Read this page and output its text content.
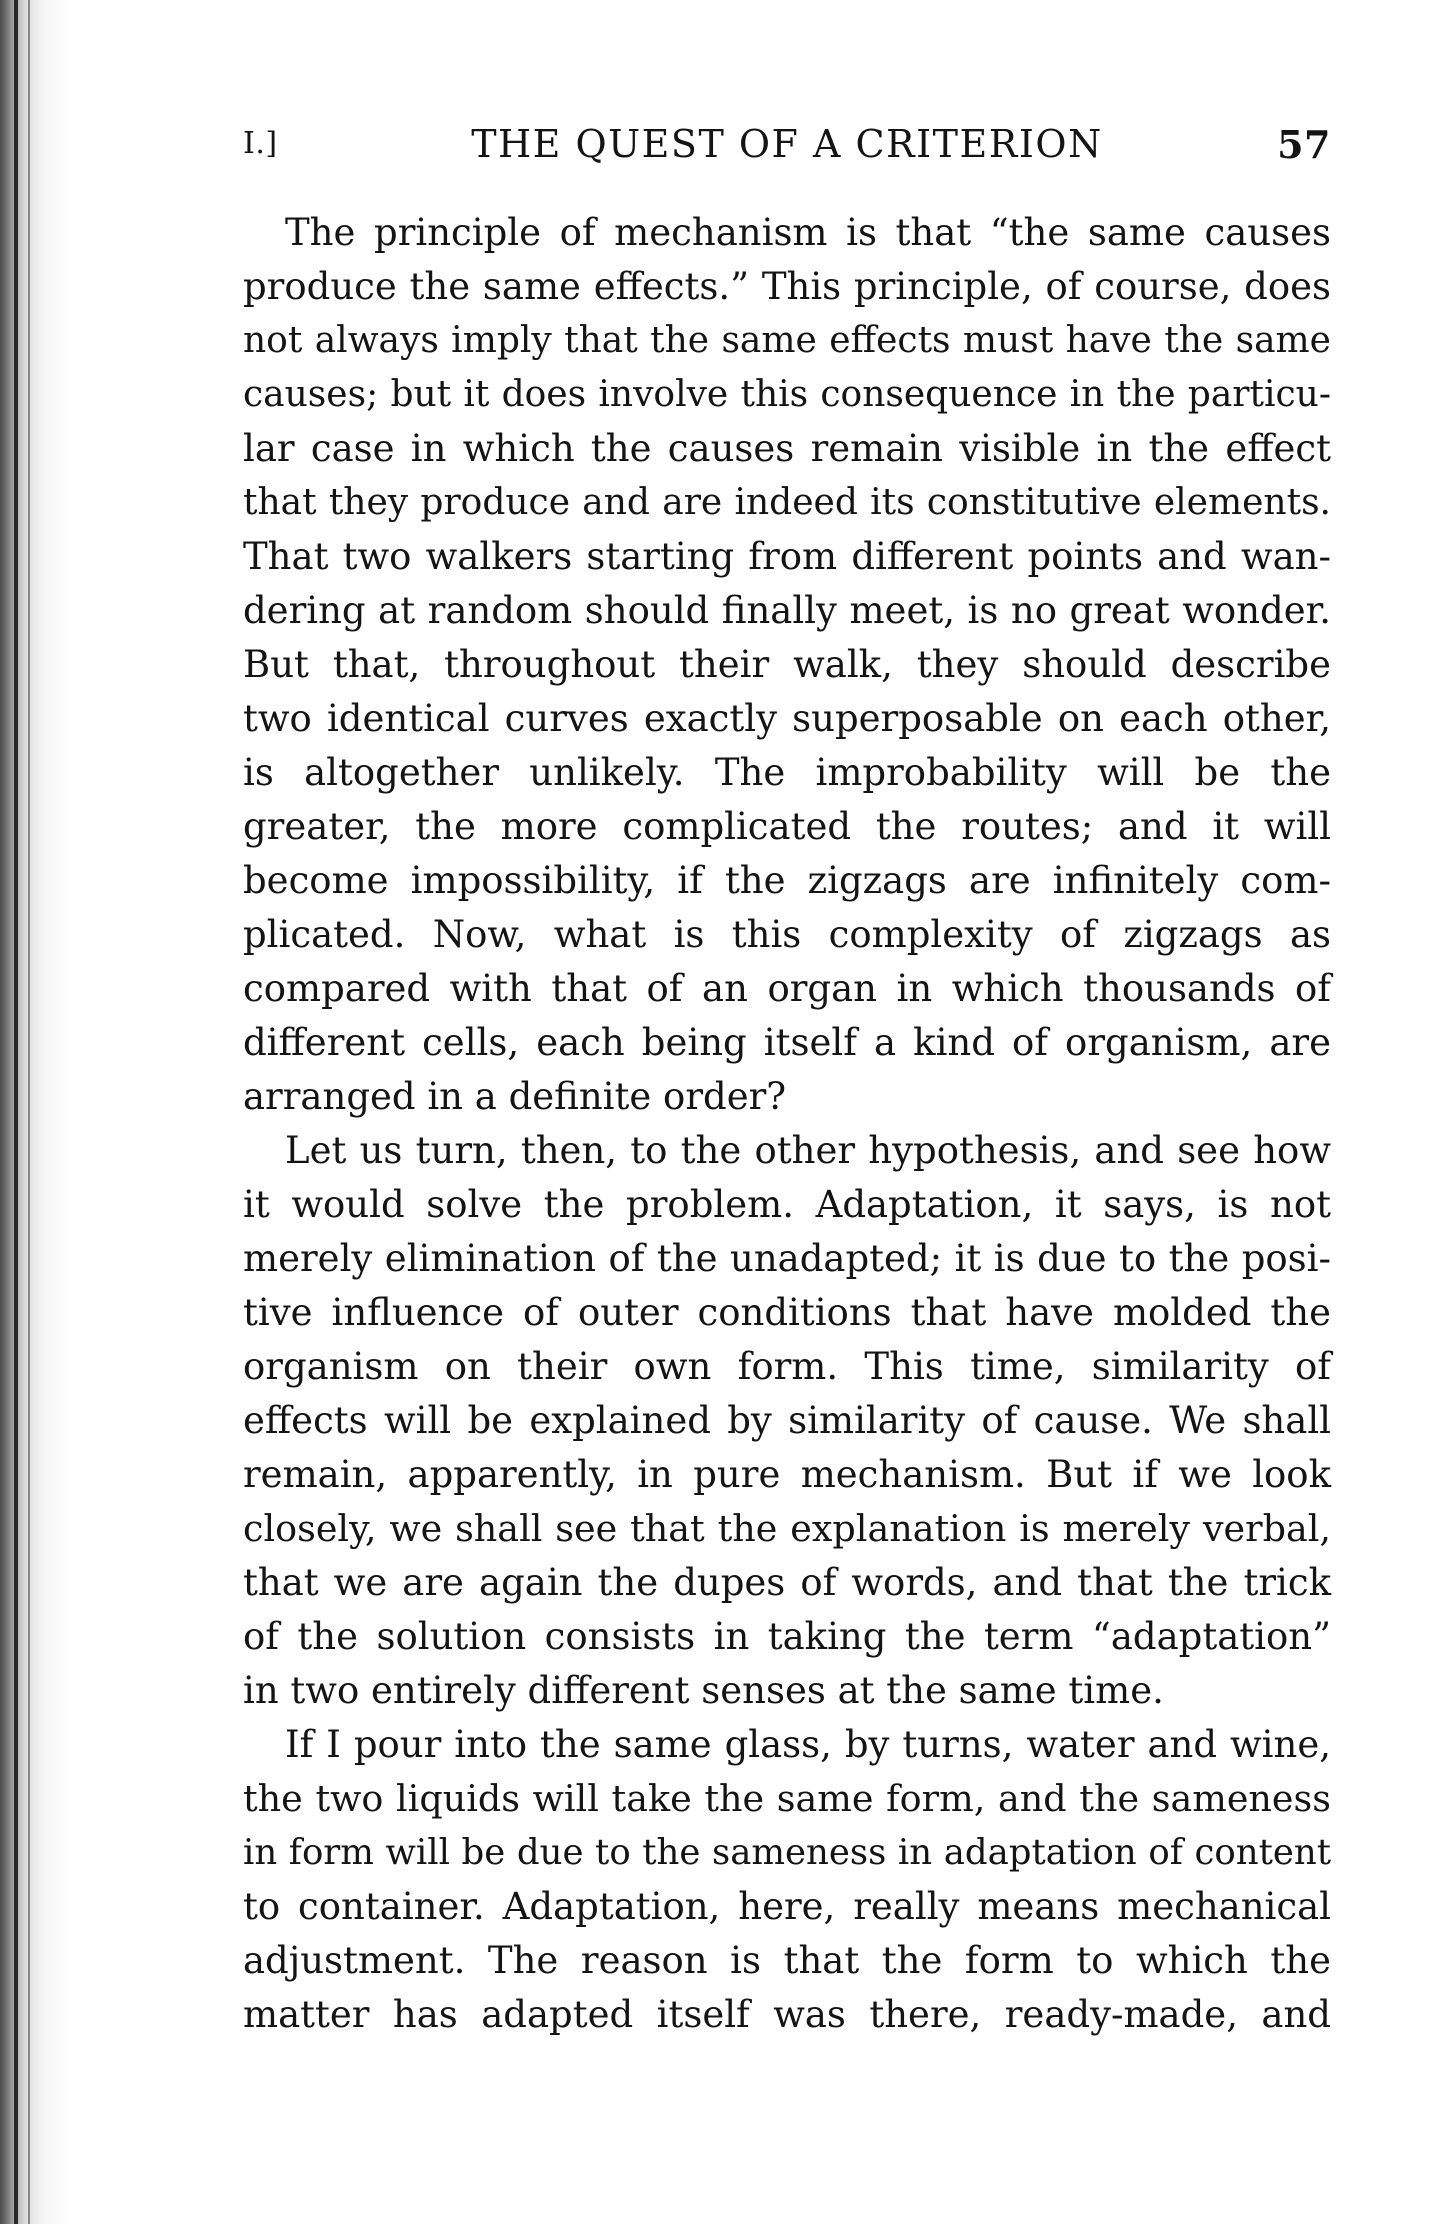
I.]	THE QUEST OF A CRITERION	57
The principle of mechanism is that “the same causes
produce the same effects.” This principle, of course, does
not always imply that the same effects must have the same
causes; but it does involve this consequence in the particu-
lar case in which the causes remain visible in the effect
that they produce and are indeed its constitutive elements.
That two walkers starting from different points and wan-
dering at random should finally meet, is no great wonder.
But that, throughout their walk, they should describe
two identical curves exactly superposable on each other,
is altogether unlikely. The improbability will be the
greater, the more complicated the routes; and it will
become impossibility, if the zigzags are infinitely com-
plicated. Now, what is this complexity of zigzags as
compared with that of an organ in which thousands of
different cells, each being itself a kind of organism, are
arranged in a definite order?
Let us turn, then, to the other hypothesis, and see how
it would solve the problem. Adaptation, it says, is not
merely elimination of the unadapted; it is due to the posi-
tive influence of outer conditions that have molded the
organism on their own form. This time, similarity of
effects will be explained by similarity of cause. We shall
remain, apparently, in pure mechanism. But if we look
closely, we shall see that the explanation is merely verbal,
that we are again the dupes of words, and that the trick
of the solution consists in taking the term “adaptation”
in two entirely different senses at the same time.
If I pour into the same glass, by turns, water and wine,
the two liquids will take the same form, and the sameness
in form will be due to the sameness in adaptation of content
to container. Adaptation, here, really means mechanical
adjustment. The reason is that the form to which the
matter has adapted itself was there, ready-made, and
